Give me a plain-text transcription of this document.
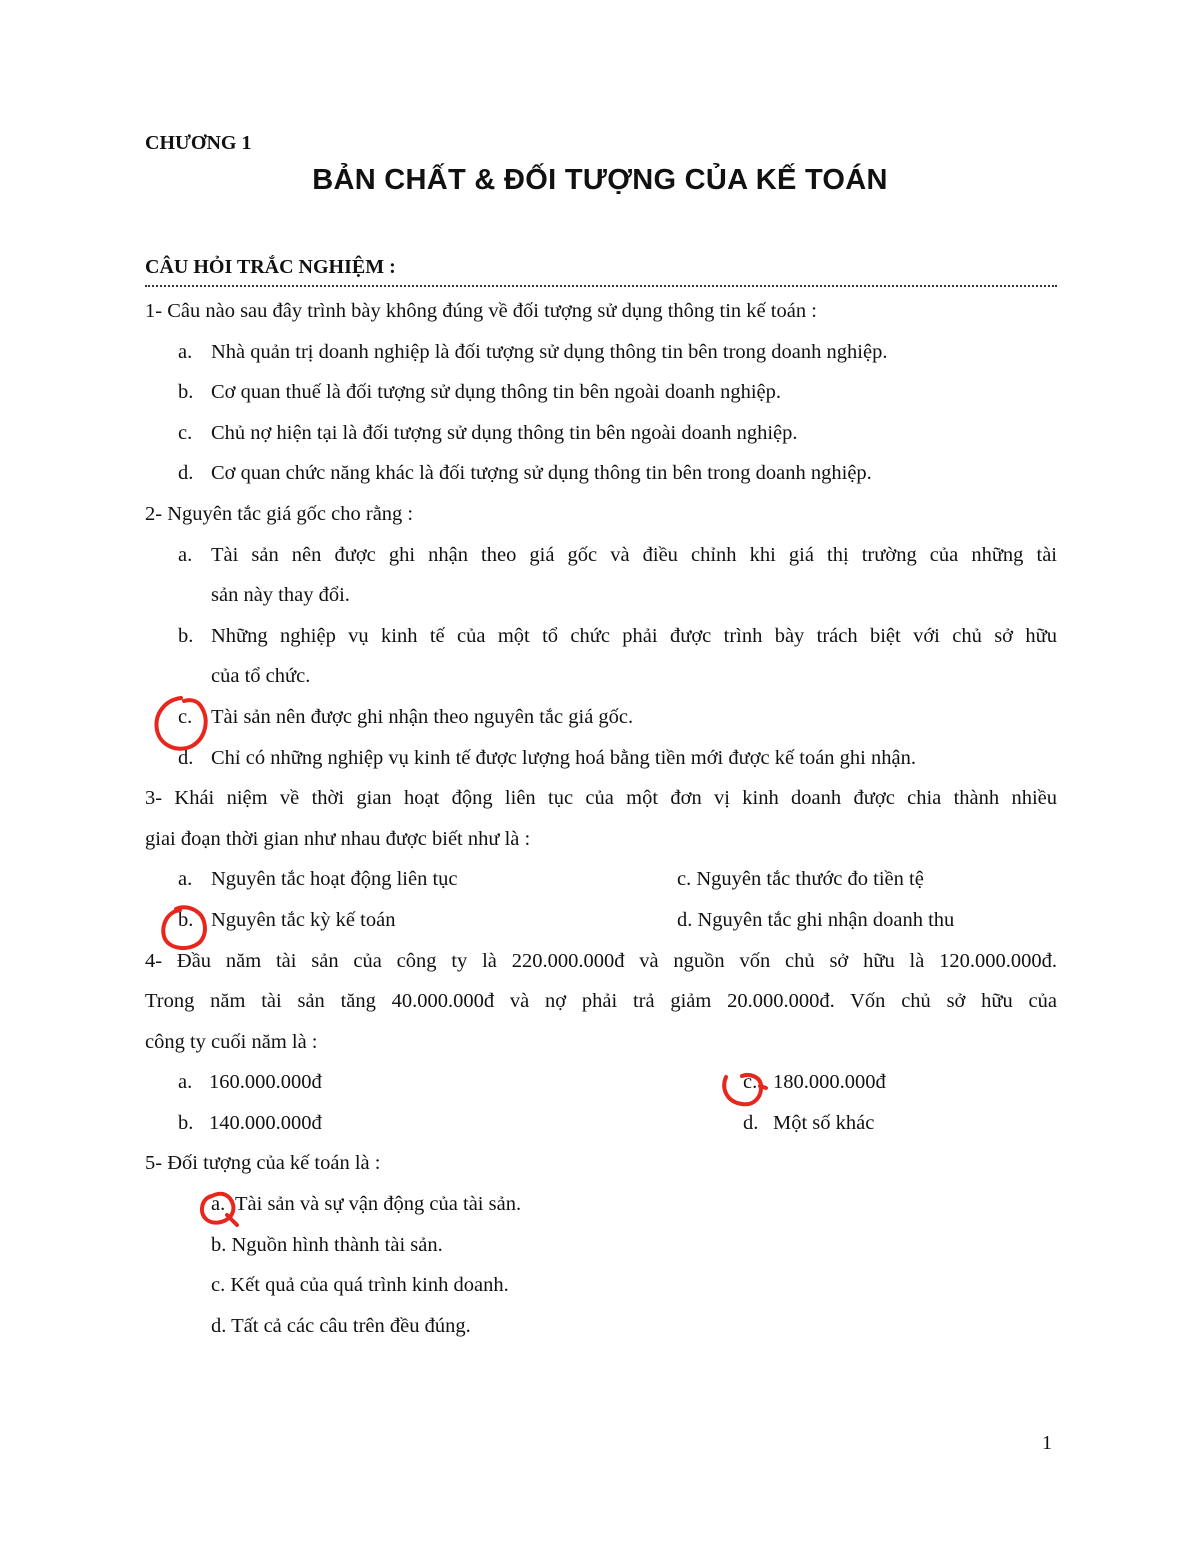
CHƯƠNG 1
BẢN CHẤT & ĐỐI TƯỢNG CỦA KẾ TOÁN
CÂU HỎI TRẮC NGHIỆM :
1- Câu nào sau đây trình bày không đúng về đối tượng sử dụng thông tin kế toán :
a. Nhà quản trị doanh nghiệp là đối tượng sử dụng thông tin bên trong doanh nghiệp.
b. Cơ quan thuế là đối tượng sử dụng thông tin bên ngoài doanh nghiệp.
c. Chủ nợ hiện tại là đối tượng sử dụng thông tin bên ngoài doanh nghiệp.
d. Cơ quan chức năng khác là đối tượng sử dụng thông tin bên trong doanh nghiệp.
2- Nguyên tắc giá gốc cho rằng :
a. Tài sản nên được ghi nhận theo giá gốc và điều chỉnh khi giá thị trường của những tài
sản này thay đổi.
b. Những nghiệp vụ kinh tế của một tổ chức phải được trình bày trách biệt với chủ sở hữu
của tổ chức.
c. Tài sản nên được ghi nhận theo nguyên tắc giá gốc.
d. Chỉ có những nghiệp vụ kinh tế được lượng hoá bằng tiền mới được kế toán ghi nhận.
3- Khái niệm về thời gian hoạt động liên tục của một đơn vị kinh doanh được chia thành nhiều
giai đoạn thời gian như nhau được biết như là :
a. Nguyên tắc hoạt động liên tục	c. Nguyên tắc thước đo tiền tệ
b. Nguyên tắc kỳ kế toán	d. Nguyên tắc ghi nhận doanh thu
4- Đầu năm tài sản của công ty là 220.000.000đ và nguồn vốn chủ sở hữu là 120.000.000đ.
Trong năm tài sản tăng 40.000.000đ và nợ phải trả giảm 20.000.000đ. Vốn chủ sở hữu của
công ty cuối năm là :
a. 160.000.000đ	c. 180.000.000đ
b. 140.000.000đ	d. Một số khác
5- Đối tượng của kế toán là :
a. Tài sản và sự vận động của tài sản.
b. Nguồn hình thành tài sản.
c. Kết quả của quá trình kinh doanh.
d. Tất cả các câu trên đều đúng.
1
